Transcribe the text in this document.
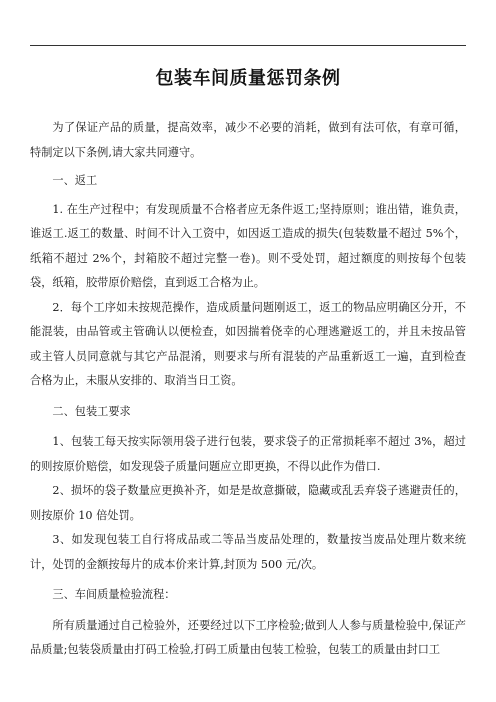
包装车间质量惩罚条例

为了保证产品的质量，提高效率，减少不必要的消耗，做到有法可依，有章可循，特制定以下条例,请大家共同遵守。

一、返工

1. 在生产过程中；有发现质量不合格者应无条件返工;坚持原则；谁出错，谁负责，谁返工.返工的数量、时间不计入工资中，如因返工造成的损失(包装数量不超过 5%个，纸箱不超过 2%个，封箱胶不超过完整一卷)。则不受处罚，超过额度的则按每个包装袋，纸箱，胶带原价赔偿，直到返工合格为止。

2．每个工序如未按规范操作，造成质量问题刚返工，返工的物品应明确区分开，不能混装，由品管或主管确认以便检查，如因揣着侥幸的心理逃避返工的，并且未按品管或主管人员同意就与其它产品混淆，则要求与所有混装的产品重新返工一遍，直到检查合格为止，未服从安排的、取消当日工资。

二、包装工要求

1、包装工每天按实际领用袋子进行包装，要求袋子的正常损耗率不超过 3%，超过的则按原价赔偿，如发现袋子质量问题应立即更换，不得以此作为借口.

2、损坏的袋子数量应更换补齐，如是是故意撕破，隐藏或乱丢弃袋子逃避责任的，则按原价 10 倍处罚。

3、如发现包装工自行将成品或二等品当废品处理的，数量按当废品处理片数来统计，处罚的金额按每片的成本价来计算,封顶为 500 元/次。

三、车间质量检验流程：

所有质量通过自己检验外，还要经过以下工序检验;做到人人参与质量检验中,保证产品质量;包装袋质量由打码工检验,打码工质量由包装工检验，包装工的质量由封口工
